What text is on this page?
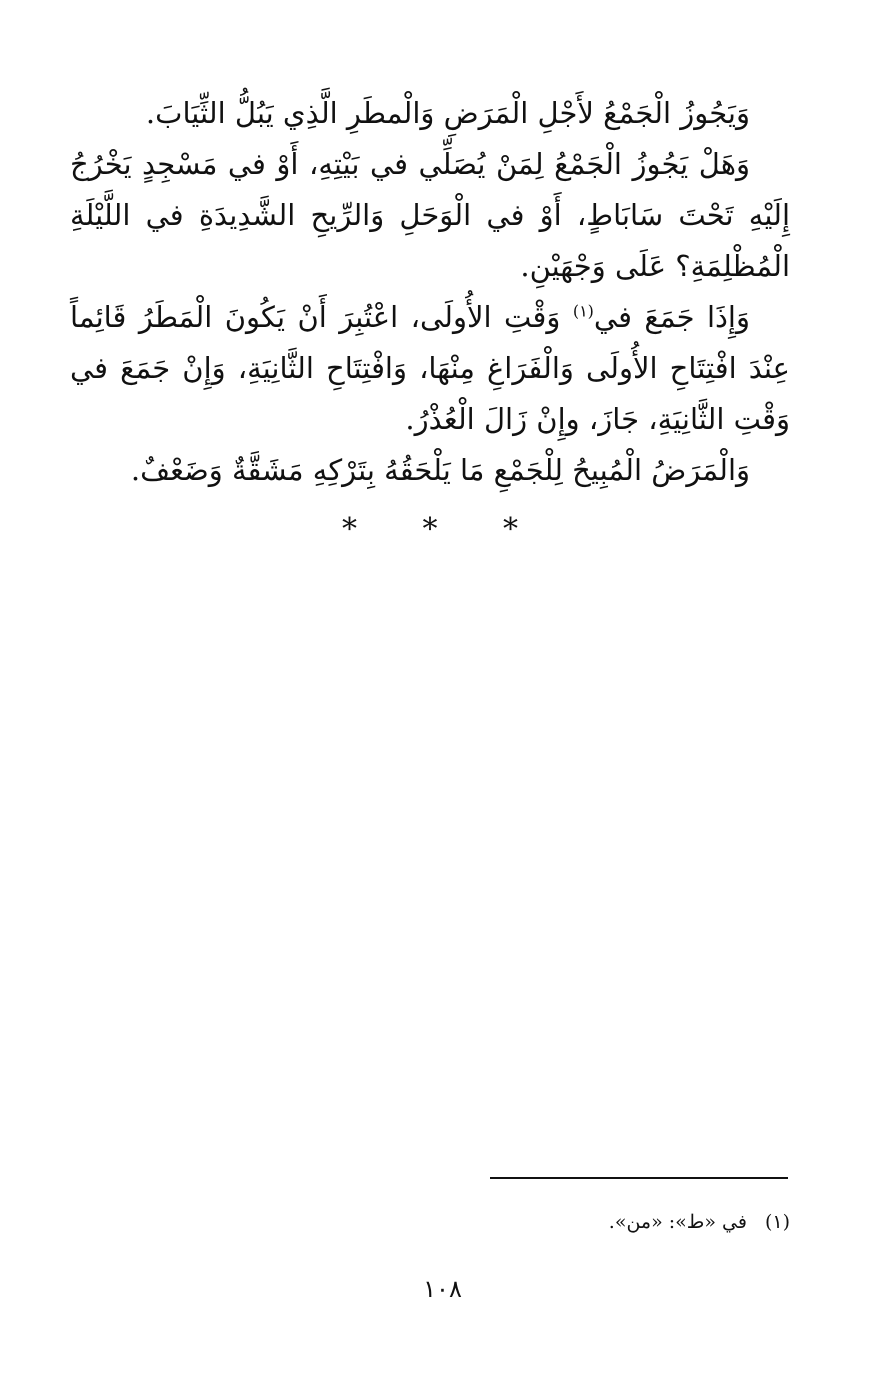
وَيَجُوزُ الْجَمْعُ لأَجْلِ الْمَرَضِ وَالْمطَرِ الَّذِي يَبُلُّ الثِّيَابَ.

وَهَلْ يَجُوزُ الْجَمْعُ لِمَنْ يُصَلِّي في بَيْتِهِ، أَوْ في مَسْجِدٍ يَخْرُجُ إِلَيْهِ تَحْتَ سَابَاطٍ، أَوْ في الْوَحَلِ وَالرِّيحِ الشَّدِيدَةِ في اللَّيْلَةِ الْمُظْلِمَةِ؟ عَلَى وَجْهَيْنِ.

وَإِذَا جَمَعَ في$^{(١)}$ وَقْتِ الأُولَى، اعْتُبِرَ أَنْ يَكُونَ الْمَطَرُ قَائِماً عِنْدَ افْتِتَاحِ الأُولَى وَالْفَرَاغِ مِنْهَا، وَافْتِتَاحِ الثَّانِيَةِ، وَإِنْ جَمَعَ في وَقْتِ الثَّانِيَةِ، جَازَ، وإِنْ زَالَ الْعُذْرُ.

وَالْمَرَضُ الْمُبِيحُ لِلْجَمْعِ مَا يَلْحَقُهُ بِتَرْكِهِ مَشَقَّةٌ وَضَعْفٌ.

* * *
(١)في «ط»: «من».
١٠٨
